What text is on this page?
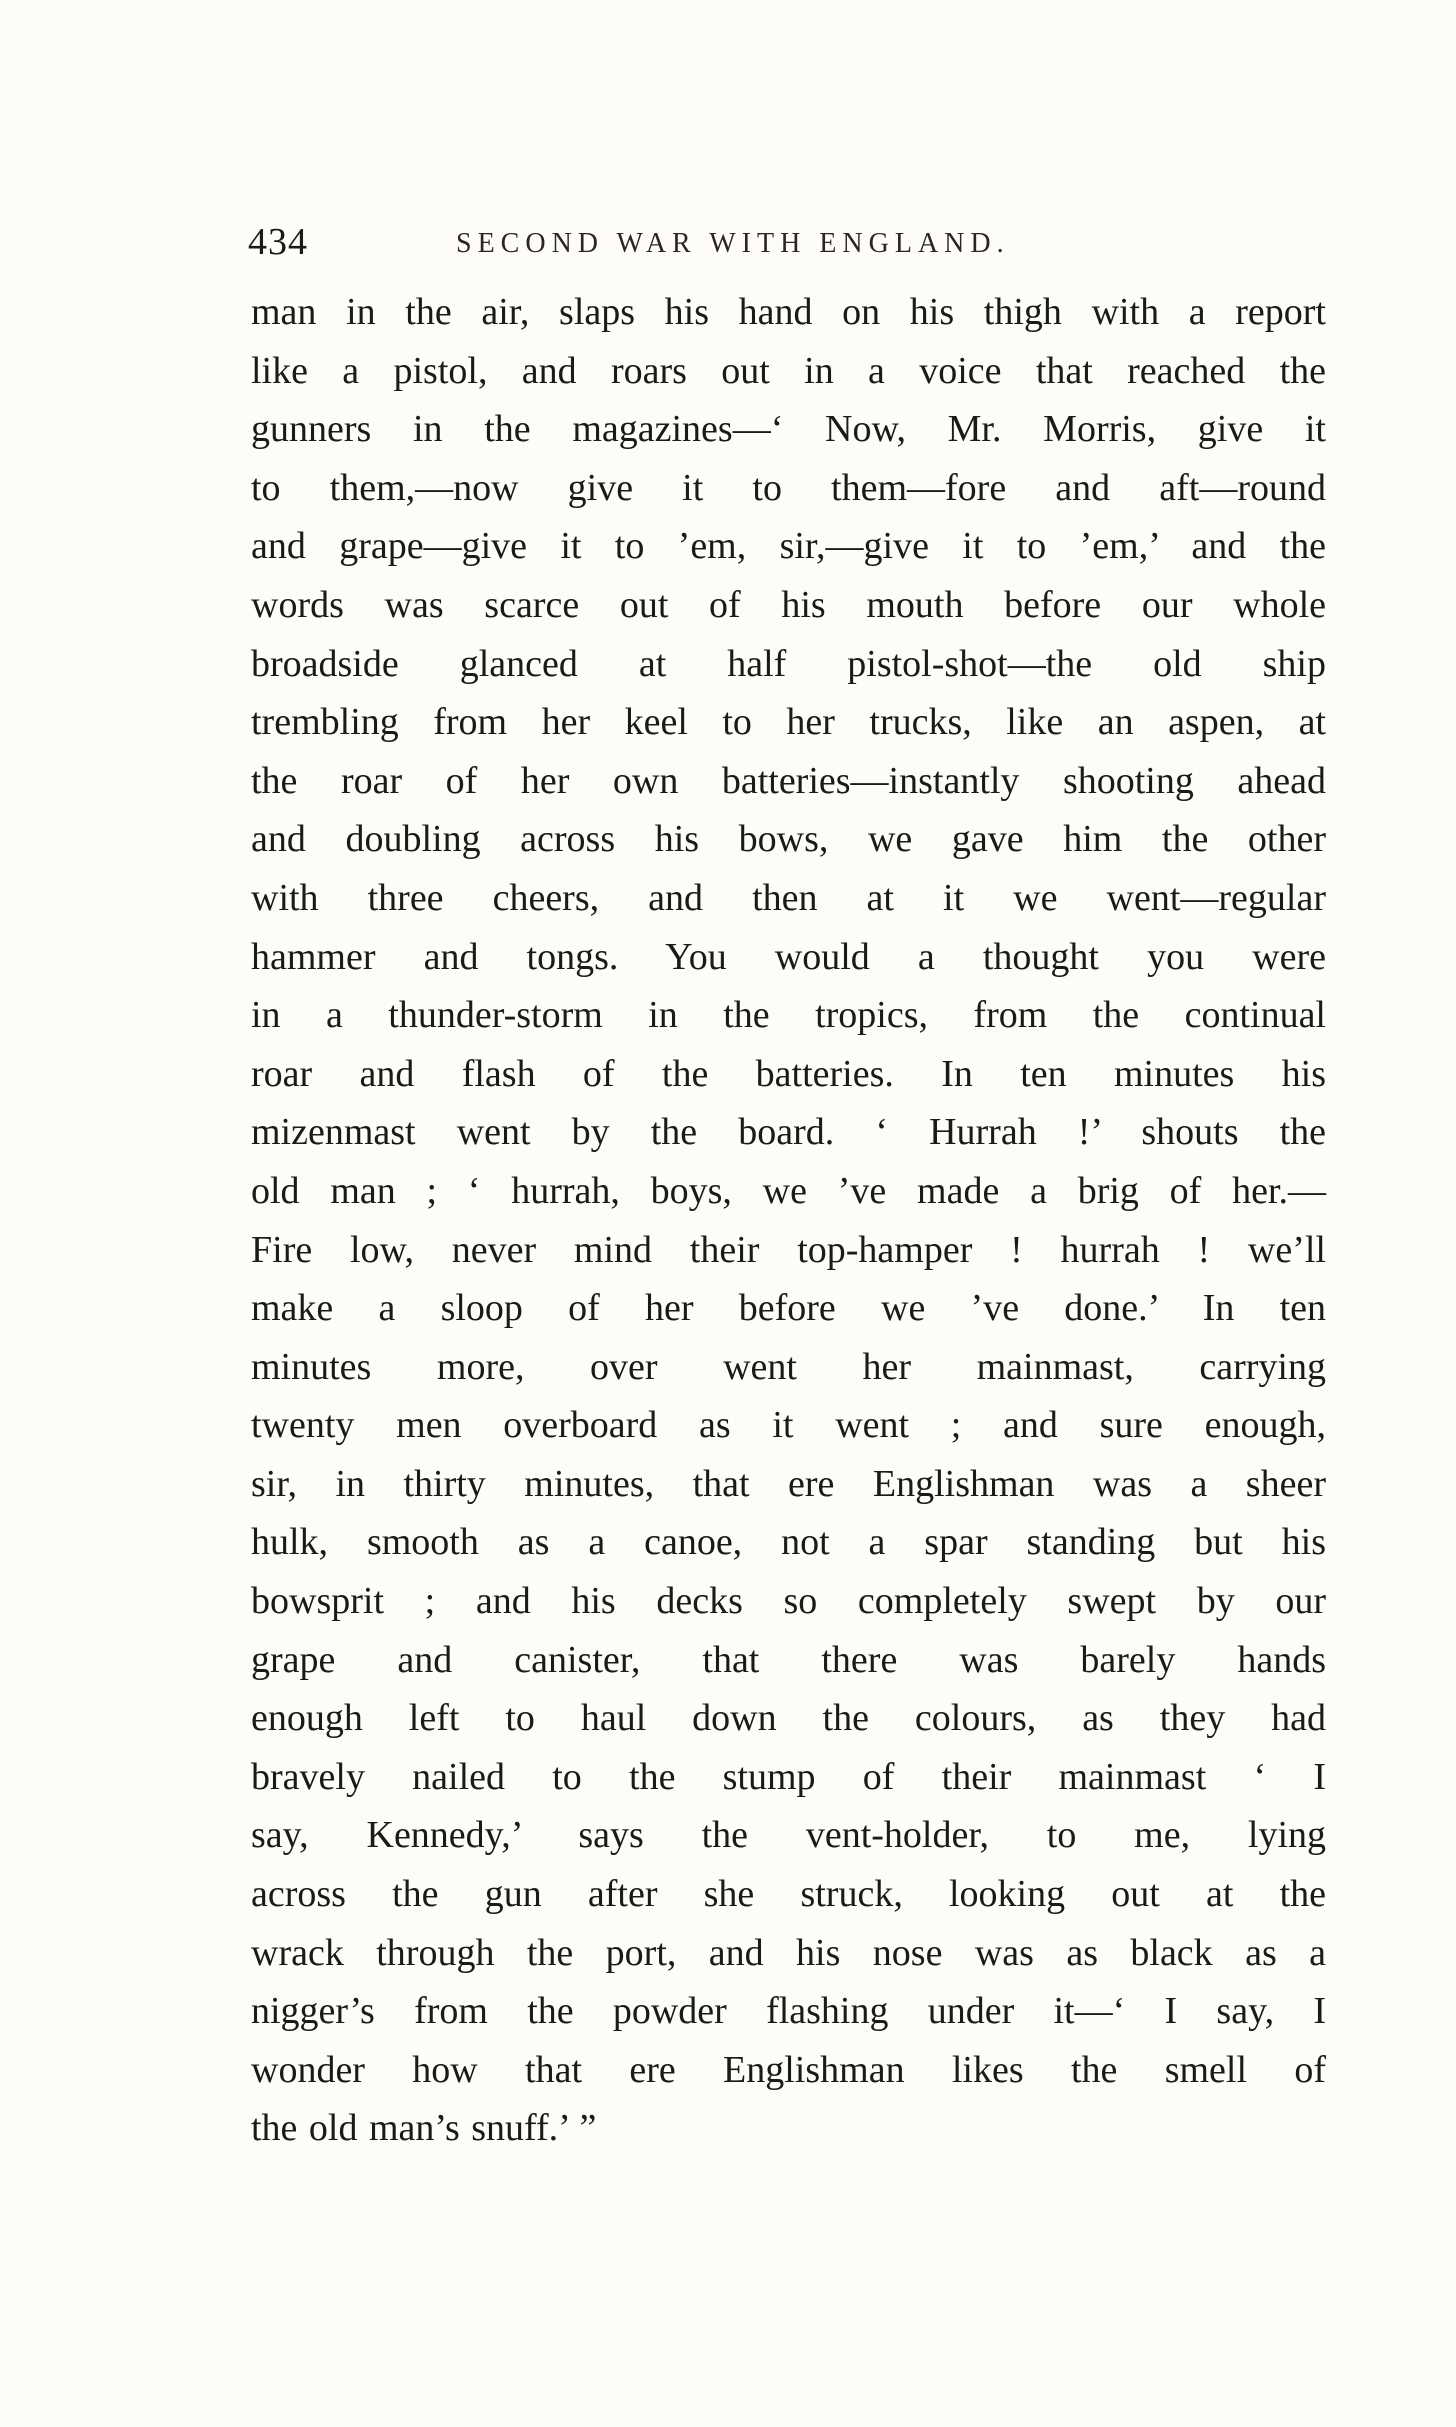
434	SECOND WAR WITH ENGLAND.
man in the air, slaps his hand on his thigh with a report
like a pistol, and roars out in a voice that reached the
gunners in the magazines—‘ Now, Mr. Morris, give it
to them,—now give it to them—fore and aft—round
and grape—give it to ’em, sir,—give it to ’em,’ and the
words was scarce out of his mouth before our whole
broadside glanced at half pistol-shot—the old ship
trembling from her keel to her trucks, like an aspen, at
the roar of her own batteries—instantly shooting ahead
and doubling across his bows, we gave him the other
with three cheers, and then at it we went—regular
hammer and tongs. You would a thought you were
in a thunder-storm in the tropics, from the continual
roar and flash of the batteries. In ten minutes his
mizenmast went by the board. ‘ Hurrah !’ shouts the
old man ; ‘ hurrah, boys, we ’ve made a brig of her.—
Fire low, never mind their top-hamper ! hurrah ! we’ll
make a sloop of her before we ’ve done.’ In ten
minutes more, over went her mainmast, carrying
twenty men overboard as it went ; and sure enough,
sir, in thirty minutes, that ere Englishman was a sheer
hulk, smooth as a canoe, not a spar standing but his
bowsprit ; and his decks so completely swept by our
grape and canister, that there was barely hands
enough left to haul down the colours, as they had
bravely nailed to the stump of their mainmast ‘ I
say, Kennedy,’ says the vent-holder, to me, lying
across the gun after she struck, looking out at the
wrack through the port, and his nose was as black as a
nigger’s from the powder flashing under it—‘ I say, I
wonder how that ere Englishman likes the smell of
the old man’s snuff.’ ”
